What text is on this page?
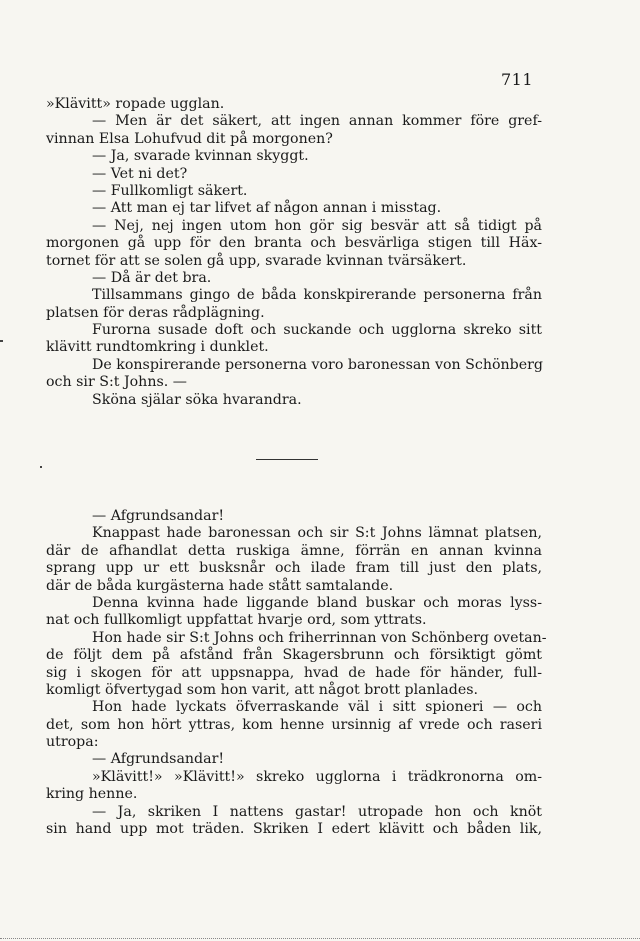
711
»Klävitt» ropade ugglan.
— Men är det säkert, att ingen annan kommer före gref-
vinnan Elsa Lohufvud dit på morgonen?
— Ja, svarade kvinnan skyggt.
— Vet ni det?
— Fullkomligt säkert.
— Att man ej tar lifvet af någon annan i misstag.
— Nej, nej ingen utom hon gör sig besvär att så tidigt på
morgonen gå upp för den branta och besvärliga stigen till Häx-
tornet för att se solen gå upp, svarade kvinnan tvärsäkert.
— Då är det bra.
Tillsammans gingo de båda konskpirerande personerna från
platsen för deras rådplägning.
Furorna susade doft och suckande och ugglorna skreko sitt
klävitt rundtomkring i dunklet.
De konspirerande personerna voro baronessan von Schönberg
och sir S:t Johns. —
Sköna själar söka hvarandra.
— Afgrundsandar!
Knappast hade baronessan och sir S:t Johns lämnat platsen,
där de afhandlat detta ruskiga ämne, förrän en annan kvinna
sprang upp ur ett busksnår och ilade fram till just den plats,
där de båda kurgästerna hade stått samtalande.
Denna kvinna hade liggande bland buskar och moras lyss-
nat och fullkomligt uppfattat hvarje ord, som yttrats.
Hon hade sir S:t Johns och friherrinnan von Schönberg ovetan-
de följt dem på afstånd från Skagersbrunn och försiktigt gömt
sig i skogen för att uppsnappa, hvad de hade för händer, full-
komligt öfvertygad som hon varit, att något brott planlades.
Hon hade lyckats öfverraskande väl i sitt spioneri — och
det, som hon hört yttras, kom henne ursinnig af vrede och raseri
utropa:
— Afgrundsandar!
»Klävitt!» »Klävitt!» skreko ugglorna i trädkronorna om-
kring henne.
— Ja, skriken I nattens gastar! utropade hon och knöt
sin hand upp mot träden. Skriken I edert klävitt och båden lik,
